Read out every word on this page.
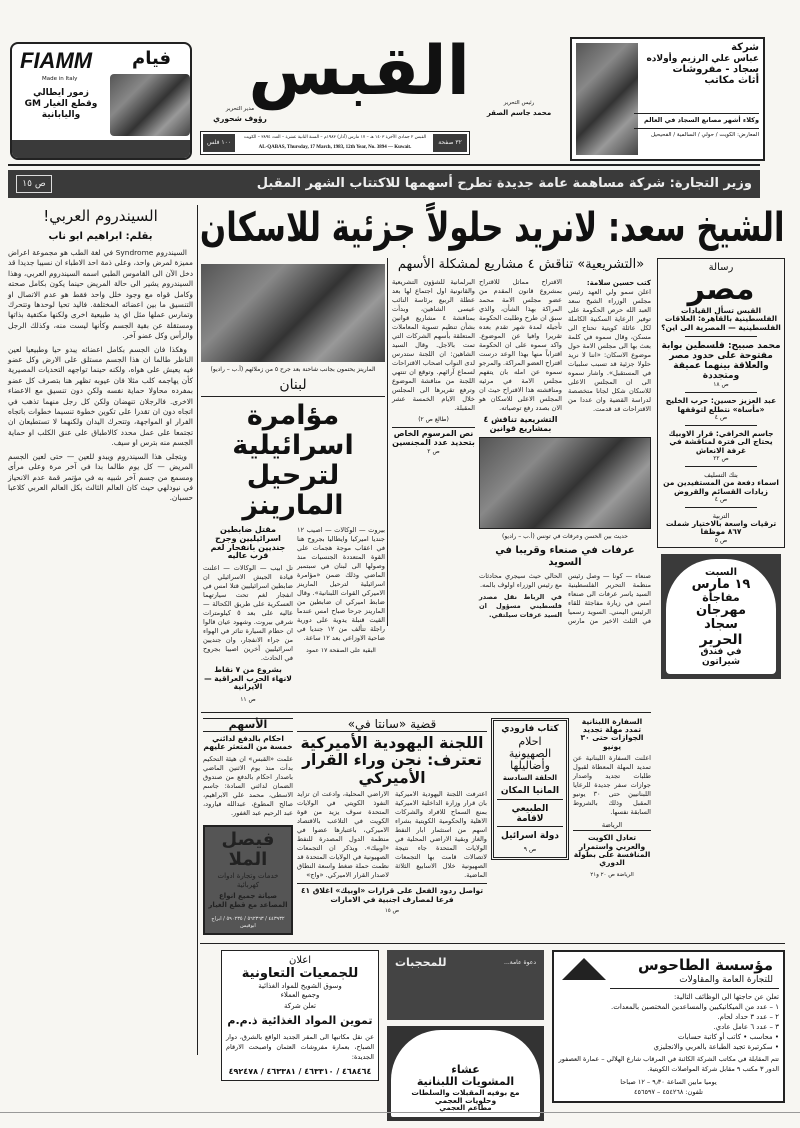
شركة
عباس علي الرزيم وأولاده
سجاد - مفروشات
أثاث مكاتب
وكلاء أشهر مصانع السجاد في العالم
المعارض: الكويت / حولي / السالمية / الفحيحيل
FIAMM فيام
Made in Italy
زمور ايطالي
وقطع الغيار GM
واليابانية
القبس	رئيس التحرير
محمد جاسم الصقر
مدير التحرير
رؤوف شحوري
٣٢ صفحة
١٠٠ فلس
القبس ٢ جمادى الآخرة ١٤٠٣ هـ – ١٧ مارس (آذار) ١٩٨٣م – السنة الثانية عشرة – العدد ٣٨٩٤ – الكويت
AL-QABAS, Thursday, 17 March, 1983, 12th Year, No. 3894 — Kuwait.
وزير التجارة: شركة مساهمة عامة جديدة تطرح أسهمها للاكتتاب الشهر المقبل
ص ١٥
الشيخ سعد: لانريد حلولاً جزئية للاسكان
السيندروم العربي!
بقلم: ابراهيم ابو ناب

السيندروم Syndrome في لغة الطب هو مجموعة اعراض مميزة لمرض واحد، وعلى ذمة احد الاطباء ان نسيبا جديدا قد دخل الآن الى القاموس الطبي اسمه السيندروم العربي، وهذا السيندروم يشير الى حالة المريض حينما يكون بكامل صحته وكامل قواه مع وجود خلل واحد فقط هو عدم الاتصال او التنسيق ما بين اعضائه المختلفة. فاليد تحيا لوحدها وتتحرك وتمارس عملها مثل اي يد طبيعية اخرى ولكنها مكتفية بذاتها ومستقلة عن بقية الجسم وكأنها ليست منه، وكذلك الرجل والرأس وكل عضو آخر.

وهكذا فان الجسم بكامل اعضائه يبدو حيا وطبيعيا لعين الناظر طالما ان هذا الجسم مستلق على الارض وكل عضو فيه يعيش على هواه، ولكنه حينما تواجهه التحديات المصيرية كأن يهاجمه كلب مثلا فان عيوبه تظهر هنا بتصرف كل عضو بمفرده محاولا حماية نفسه ولكن دون تنسيق مع الاعضاء الاخرى. فالرجلان تنهضان ولكن كل رجل منهما تذهب في اتجاه دون ان تقدرا على تكوين خطوة تنسيما خطوات باتجاه الفرار او المواجهة، وتتحرك اليدان ولكنهما لا تستطيعان ان تجتمعا على عمل محدد كالاطباق على عنق الكلب او حماية الجسم منه بترس او سيف.

ويتجلى هذا السيندروم ويبدو للعين — حتى لعين الجسم المريض — كل يوم طالما بدا في آخر مرة وعلى مرأى ومسمع من جسم آخر شبيه به في مؤتمر قمة عدم الانحياز في نيودلهي حيث كان العالم الثالث بكل العالم العربي كلاعبا حسبان.

رسالة
مصر
القبس تسأل القيادات الفلسطينية بالقاهرة: العلاقات الفلسطينية — المصرية الى اين؟
محمد صبيح: فلسطين بوابة مفتوحة على حدود مصر والعلاقة بينهما عميقة ومتجددة
ص ١٨
عبد العزيز حسين: حرب الخليج «مأساة» نتطلع لتوقفها
ص ٤
جاسم الخرافي: قرار الاوبيك يحتاج الى فترة لمناقشة في غرفة الانعاش
ص ٢٢
بنك التسليف
اسماء دفعة من المستفيدين من زيادات القسائم والقروض
ص ٤
التربية
ترقيات واسعة بالاختيار شملت ٨٦٧ موظفا
ص ٥
السبت
١٩ مارس
مفاجأة
مهرجان
سجاد
الحرير
في فندق
شيراتون
«التشريعية» تناقش ٤ مشاريع لمشكلة الأسهم
كتب حسين سلامة:
اعلن سمو ولي العهد رئيس مجلس الوزراء الشيخ سعد العبد الله حرص الحكومة على توفير الرعاية السكنية الكاملة لكل عائلة كويتية تحتاج الى مسكن، وقال سموه في كلمة بعث بها الى مجلس الامة حول موضوع الاسكان: «اننا لا نريد حلولا جزئية قد تسبب سلبيات في المستقبل». واشار سموه الى ان المجلس الاعلى للاسكان شكل لجانا متخصصة لدراسة القضية وان عددا من الاقتراحات قد قدمت.
الاقتراح مماثل للاقتراح بمشروع قانون المقدم من عضو مجلس الامة محمد المراكة بهذا الشأن، والذي سبق ان طرح وطلبت الحكومة تأجيله لمدة شهر تقدم بعده تقريرا وافيا عن الموضوع. واكد سموه على ان الحكومة اقتراباً منها بهذا الوعد درست اقتراح العضو المراكة. والمرجو سموه عن امله بان يتفهم مجلس الامة في مرئيه ومناقشته هذا الاقتراح حيث ان المجلس الاعلى للاسكان هو الان بصدد رفع توصياته.
التشريعية تناقش ٤ بمشاريع قوانين
حديث بين الحسن وعرفات في تونس (أ.ب – راديو)
عرفات في صنعاء وقريبا في السويد

صنعاء — كونا — وصل رئيس منظمة التحرير الفلسطينية السيد ياسر عرفات الى صنعاء امس في زيارة مفاجئة للقاء الرئيس اليمني. السويد رسميا في الثلث الاخير من مارس الحالي حيث سيجري محادثات مع رئيس الوزراء اولوف بالمه.

في الرباط نقل مصدر فلسطيني مسؤول ان السيد عرفات سيلتقي.

البرلمانية للشؤون التشريعية والقانونية اول اجتماع لها بعد عطلة الربيع برئاسة النائب عيسى الشاهين، وبدأت بمناقشة ٤ مشاريع قوانين بشأن تنظيم تسوية المعاملات المتعلقة بأسهم الشركات التي تمت بالاجل. وقال السيد الشاهين: ان اللجنة ستدرس لدى النواب اصحاب الاقتراحات لسماع آرائهم. وتوقع ان تنتهي اللجنة من مناقشة الموضوع وترفع تقريرها الى المجلس خلال الايام الخمسة عشر المقبلة.
(طالع ص ٢)
نص المرسوم الخاص بتحديد عدد المجنسين
ص ٢
المارينز يحتمون بجانب شاحنة بعد جرح ٥ من زملائهم (أ.ب – رادیو)
لبنان
مؤامرة اسرائيلية لترحيل المارينز
بيروت — الوكالات — اصيب ١٢ جنديا اميركيا وايطاليا بجروح هنا في اعقاب موجة هجمات على القوة المتعددة الجنسيات منذ وصولها الى لبنان في سبتمبر الماضي وذلك ضمن «مؤامرة اسرائيلية لترحيل المارينز الاميركي القوات اللبنانية». وقال ضابط اميركي ان ضابطين من المارينز جرحا صباح امس عندما القيت قنبلة يدوية على دورية راجلة تتألف من ١٢ جنديا في ضاحية الاوزاعي بعد ١٢ ساعة.
البقية على الصفحة ١٧ عمود
مقتل ضابطين اسرائيليين وجرح جنديين بانفجار لغم قرب عاليه
تل ابيب — الوكالات — اعلنت قيادة الجيش الاسرائيلي ان ضابطين اسرائيليين قتلا امس في انفجار لغم تحت سيارتهما العسكرية على طريق الكحالة — عاليه على بعد ٥ كيلومترات شرقي بيروت. وشهود عيان قالوا ان حطام السيارة تناثر في الهواء من جراء الانفجار، وان جنديين اسرائيليين آخرين اصيبا بجروح في الحادث.
بشروع من ٧ نقاط لانهاء الحرب العراقية — الايرانية
ص ١١
السفارة اللبنانية تمدد مهلة تجديد الجوازات حتى ٣٠ يونيو
اعلنت السفارة اللبنانية عن تمديد المهلة المعطاة لقبول طلبات تجديد واصدار جوازات سفر جديدة للرعايا اللبنانيين حتى ٣٠ يونيو المقبل وذلك بالشروط السابقة نفسها.
الرياضة
تعادل الكويت والعربي واستمرار المنافسة على بطولة الدوري
الرياضة ص ٢٠ و٢١
كتاب فارودي
احلام الصهيونية وأضاليلها
الحلقة السادسة
المانيا المكان
الطبيعي لاقامة
دولة اسرائيل
ص ٩
قضية «سانتا في»
اللجنة اليهودية الأميركية تعترف: نحن وراء القرار الأميركي
اعترفت اللجنة اليهودية الاميركية بان قرار وزارة الداخلية الاميركية بمنع السماح للافراد والشركات الاهلية والحكومية الكويتية بشراء اسهم من استثمار ابار النفط والغاز وبقية الاراضي المحلية في الولايات المتحدة جاء نتيجة لاتصالات قامت بها التجمعات الصهيونية خلال الاسابيع الثلاثة الماضية.
الاراضي المحلية، وادعت ان تزايد النفوذ الكويتي في الولايات المتحدة سوف يزيد من قوة الكويت في التلاعب بالاقتصاد الاميركي، باعتبارها عضوا في منظمة الدول المصدرة للنفط «اوبيك». ويذكر ان التجمعات الصهيونية في الولايات المتحدة قد نظمت حملة ضغط واسعة النطاق لاصدار القرار الاميركي. «واج»
تواصل ردود الفعل على قرارات «اوبيك» اغلاق ٤١ فرعا لمصارف اجنبية في الامارات
ص ١٥
الأسهم
احكام بالدفع لدائني خمسة من المتعثر عليهم
علمت «القبس» ان هيئة التحكيم بدأت منذ يوم الاثنين الماضي باصدار احكام بالدفع من صندوق الضمان لدائني السادة: جاسم الاسطى، محمد علي الابراهيم، صالح المطوع، عبدالله فيارود، عبد الرحيم عبد الغفور.
فيصل الملا
خدمات وتجارة ادوات كهربائية
صيانة جميع انواع المصاعد مع قطع الغيار
٤٤٣٩٣٢ / ٥٦٢٣٦٣ / ٥٩٠٢٣٥ / ابراج ابوقيس
مؤسسة الطاحوس
للتجارة العامة والمقاولات
تعلن عن حاجتها الى الوظائف التالية:
١ – عدد من الميكانيكيين والمساعدين المختصين بالمعدات.
٢ – عدد ٣ حداد لحام.
٣ – عدد ٦ عامل عادي.
• محاسب • كاتب أو كاتبة حسابات
• سكرتيرة تجيد الطباعة بالعربي والانجليزي
تتم المقابلة في مكاتب الشركة الكائنة في المرقاب شارع الهلالي – عمارة العصفور الدور ٣ مكتب ٩ مقابل شركة المواصلات الكويتية.
يوميا مابين الساعة ٩٫٣٠ – ١٢ صباحا
تلفون: ٤٥٤٢٦٨ – ٤٥٦٥٩٧
دعوة عامة...
للمحجبات
عشاء
المشويات اللبنانية
مع بوفيه المقبلات والسلطات
وحلويات العجمي
مطاعم العجمي
اعلان
للجمعيات التعاونية
وسوق الشويخ للمواد الغذائية
وجميع العملاء
تعلن شركة
تموين المواد الغذائية ذ.م.م
عن نقل مكاتبها الى المقر الجديد الواقع بالشرق، دوار الصباح، بعمارة مفروشات العثمان واصبحت الارقام الجديدة:
٤٦٨٤٦٤ / ٤٦٣٣١٠ / ٤٦٣٣٨١ / ٤٩٢٤٧٨
